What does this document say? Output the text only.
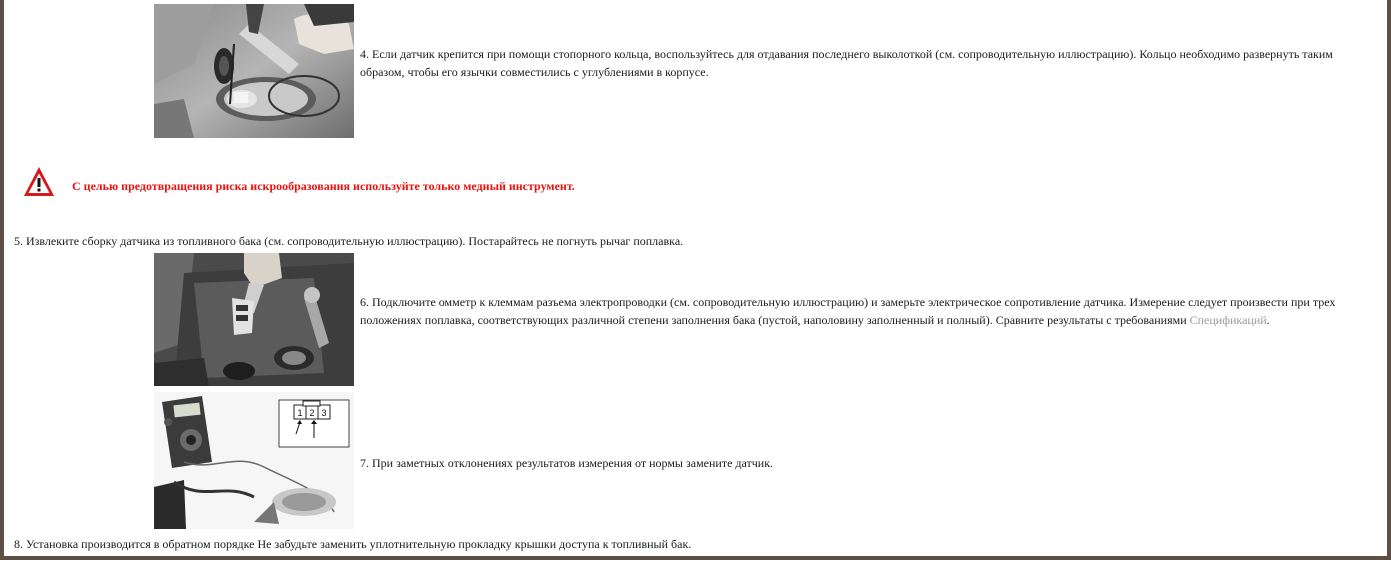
4. Если датчик крепится при помощи стопорного кольца, воспользуйтесь для отдавания последнего выколоткой (см. сопроводительную иллюстрацию). Кольцо необходимо развернуть таким образом, чтобы его язычки совместились с углублениями в корпусе.
С целью предотвращения риска искрообразования используйте только медный инструмент.
5. Извлеките сборку датчика из топливного бака (см. сопроводительную иллюстрацию). Постарайтесь не погнуть рычаг поплавка.
6. Подключите омметр к клеммам разъема электропроводки (см. сопроводительную иллюстрацию) и замерьте электрическое сопротивление датчика. Измерение следует произвести при трех положениях поплавка, соответствующих различной степени заполнения бака (пустой, наполовину заполненный и полный). Сравните результаты с требованиями Спецификаций.
1 2 3
7. При заметных отклонениях результатов измерения от нормы замените датчик.
8. Установка производится в обратном порядке Не забудьте заменить уплотнительную прокладку крышки доступа к топливный бак.
